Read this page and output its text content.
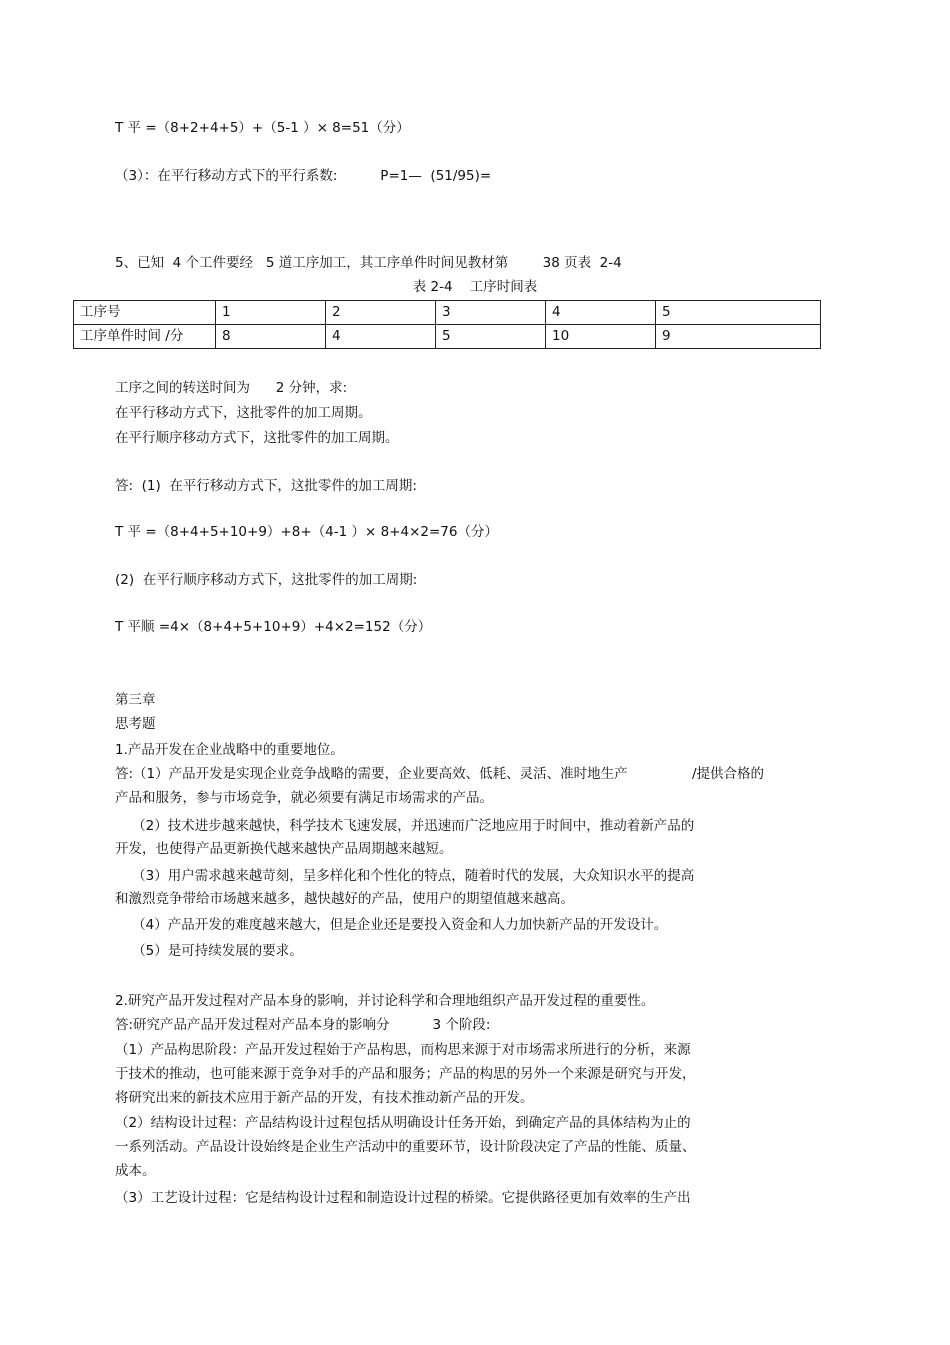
T 平 =（8+2+4+5）+（5-1 ）× 8=51（分）
（3）：在平行移动方式下的平行系数:          P=1—  (51/95)=
5、已知  4 个工件要经   5 道工序加工，其工序单件时间见教材第        38 页表  2-4
表 2-4    工序时间表
工序号	1	2	3	4	5
工序单件时间 /分	8	4	5	10	9
工序之间的转送时间为      2 分钟，求:
在平行移动方式下，这批零件的加工周期。
在平行顺序移动方式下，这批零件的加工周期。
答:  (1)  在平行移动方式下，这批零件的加工周期:
T 平 =（8+4+5+10+9）+8+（4-1 ）× 8+4×2=76（分）
(2)  在平行顺序移动方式下，这批零件的加工周期:
T 平顺 =4×（8+4+5+10+9）+4×2=152（分）
第三章
思考题
1.产品开发在企业战略中的重要地位。
答:（1）产品开发是实现企业竞争战略的需要，企业要高效、低耗、灵活、准时地生产               /提供合格的
产品和服务，参与市场竞争，就必须要有满足市场需求的产品。
（2）技术进步越来越快，科学技术飞速发展，并迅速而广泛地应用于时间中，推动着新产品的
开发，也使得产品更新换代越来越快产品周期越来越短。
（3）用户需求越来越苛刻，呈多样化和个性化的特点，随着时代的发展，大众知识水平的提高
和激烈竞争带给市场越来越多，越快越好的产品，使用户的期望值越来越高。
（4）产品开发的难度越来越大，但是企业还是要投入资金和人力加快新产品的开发设计。
（5）是可持续发展的要求。
2.研究产品开发过程对产品本身的影响，并讨论科学和合理地组织产品开发过程的重要性。
答:研究产品产品开发过程对产品本身的影响分          3 个阶段:
（1）产品构思阶段：产品开发过程始于产品构思，而构思来源于对市场需求所进行的分析，来源
于技术的推动，也可能来源于竞争对手的产品和服务；产品的构思的另外一个来源是研究与开发，
将研究出来的新技术应用于新产品的开发，有技术推动新产品的开发。
（2）结构设计过程：产品结构设计过程包括从明确设计任务开始，到确定产品的具体结构为止的
一系列活动。产品设计设始终是企业生产活动中的重要环节，设计阶段决定了产品的性能、质量、
成本。
（3）工艺设计过程：它是结构设计过程和制造设计过程的桥梁。它提供路径更加有效率的生产出
